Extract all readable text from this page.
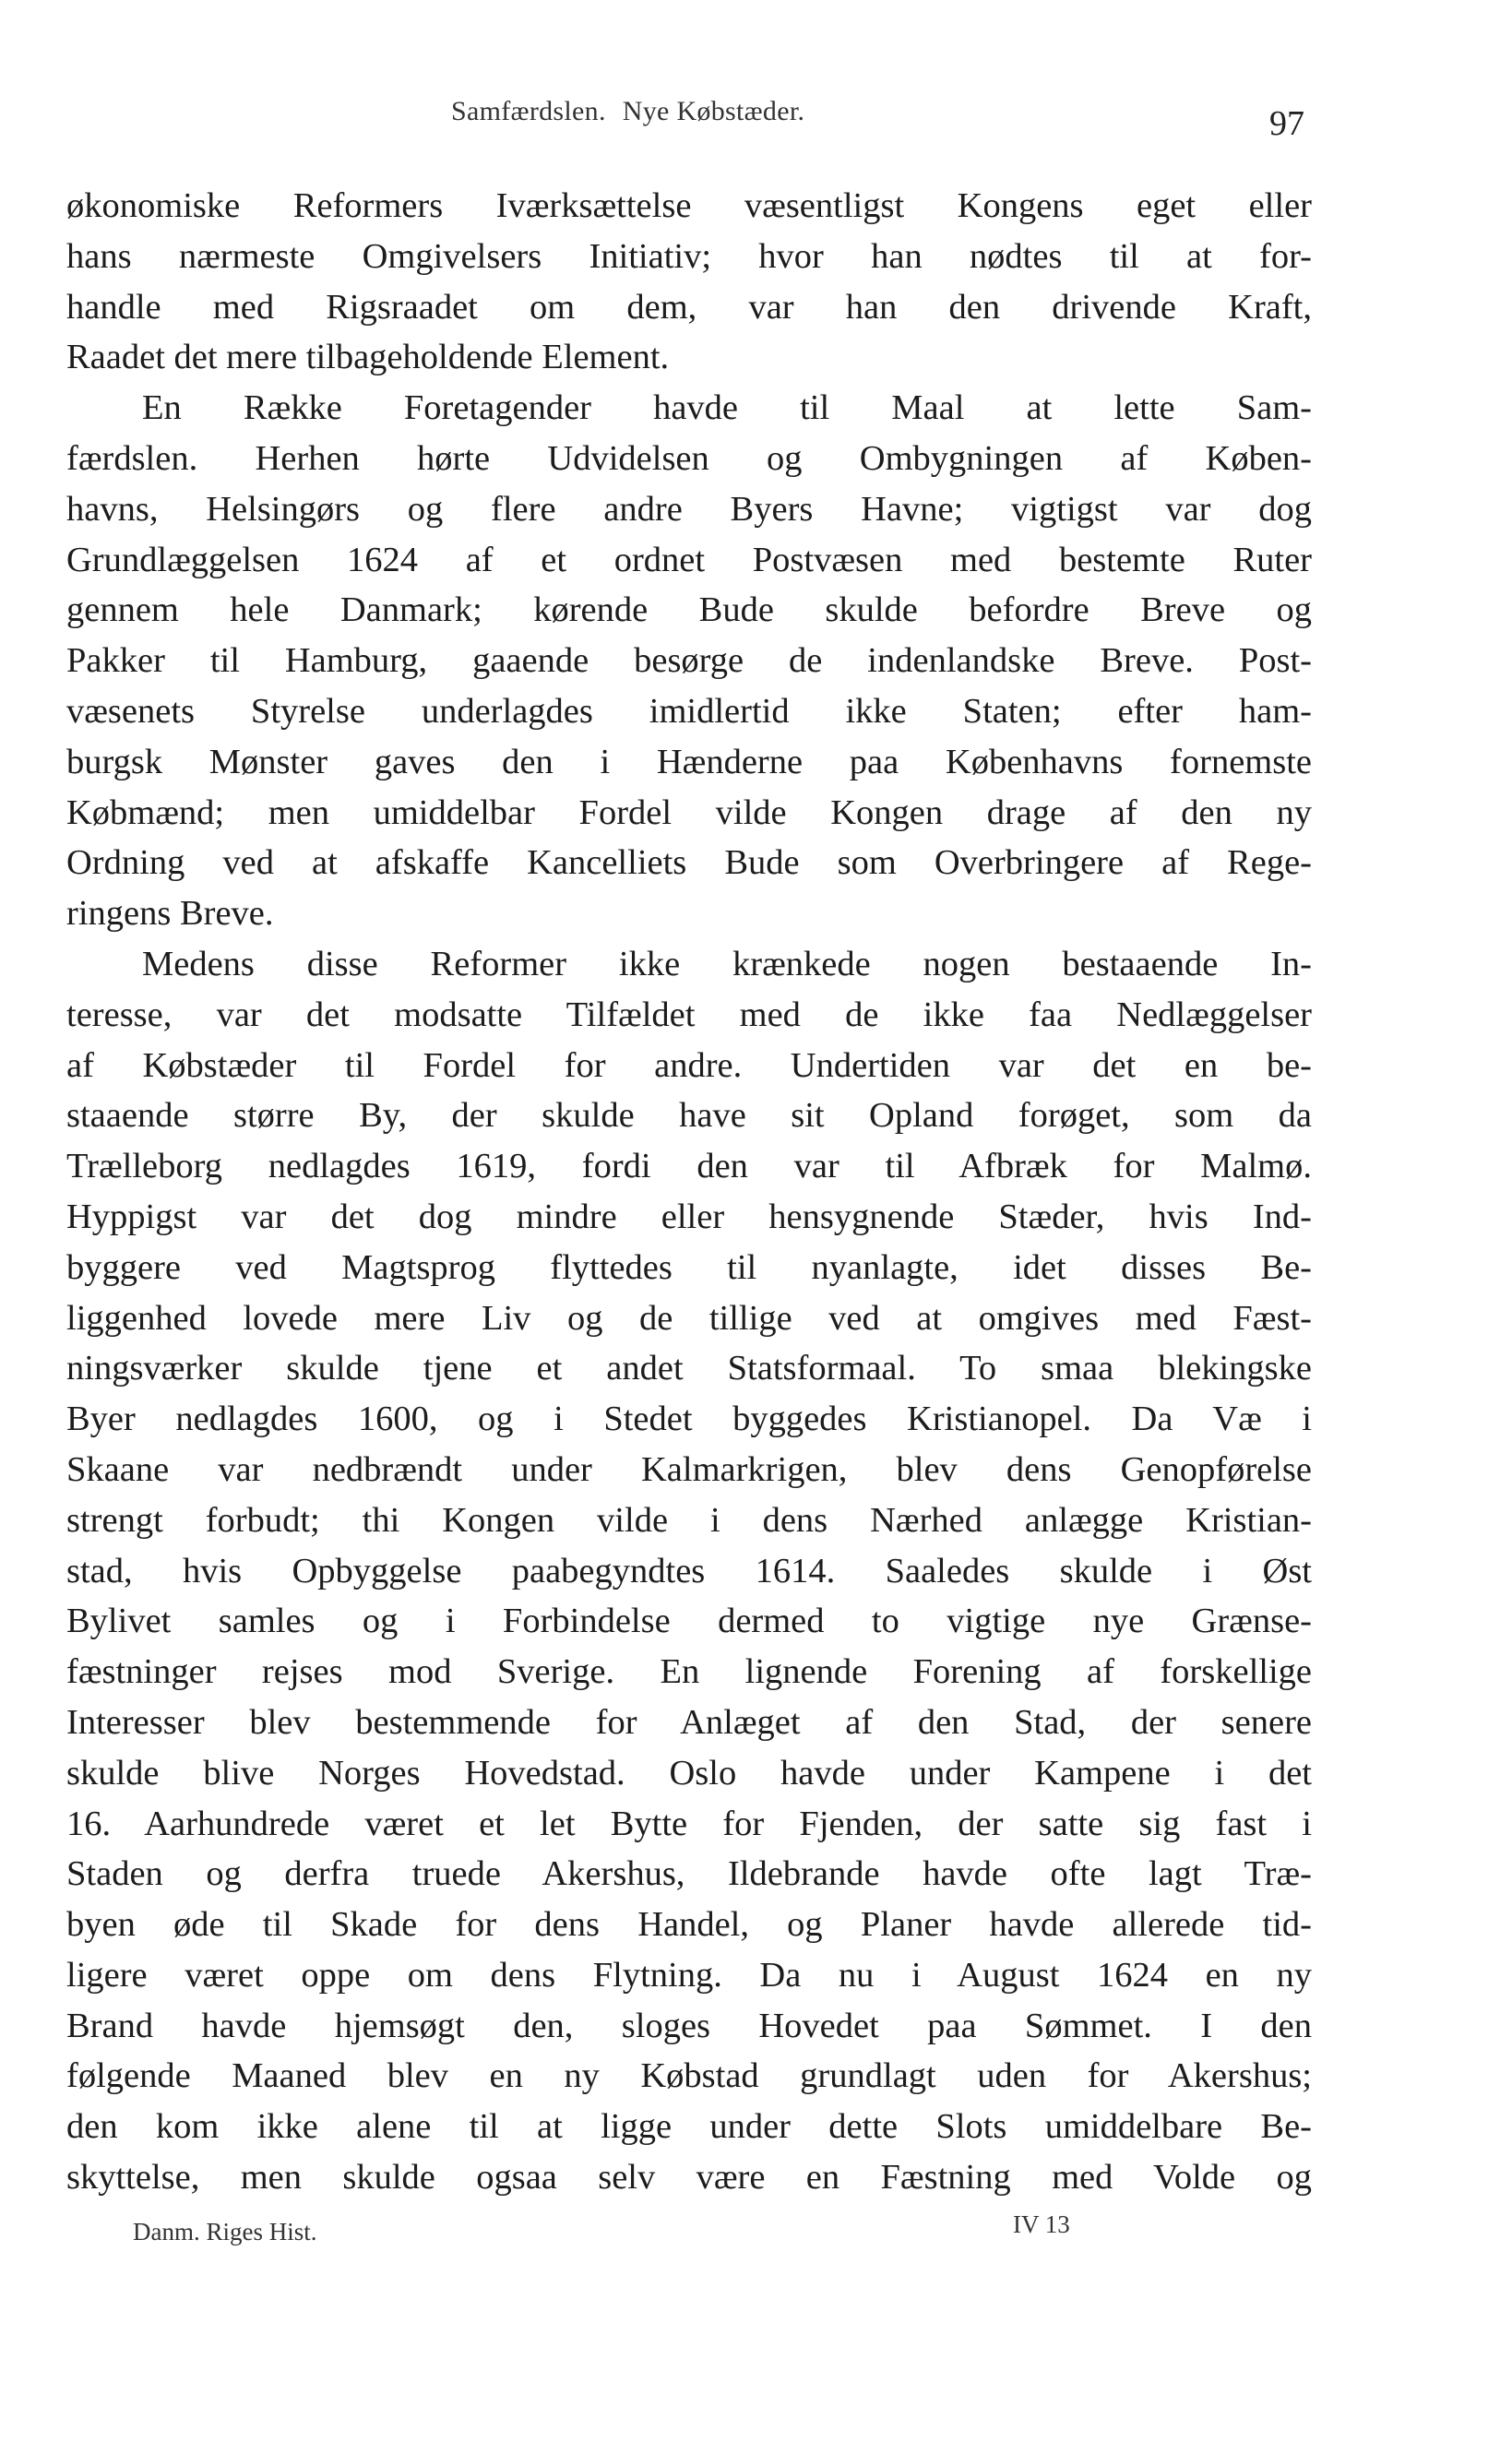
Samfærdslen. Nye Købstæder.	97
økonomiske Reformers Iværksættelse væsentligst Kongens eget eller
hans nærmeste Omgivelsers Initiativ; hvor han nødtes til at for-
handle med Rigsraadet om dem, var han den drivende Kraft,
Raadet det mere tilbageholdende Element.
En Række Foretagender havde til Maal at lette Sam-
færdslen. Herhen hørte Udvidelsen og Ombygningen af Køben-
havns, Helsingørs og flere andre Byers Havne; vigtigst var dog
Grundlæggelsen 1624 af et ordnet Postvæsen med bestemte Ruter
gennem hele Danmark; kørende Bude skulde befordre Breve og
Pakker til Hamburg, gaaende besørge de indenlandske Breve. Post-
væsenets Styrelse underlagdes imidlertid ikke Staten; efter ham-
burgsk Mønster gaves den i Hænderne paa Københavns fornemste
Købmænd; men umiddelbar Fordel vilde Kongen drage af den ny
Ordning ved at afskaffe Kancelliets Bude som Overbringere af Rege-
ringens Breve.
Medens disse Reformer ikke krænkede nogen bestaaende In-
teresse, var det modsatte Tilfældet med de ikke faa Nedlæggelser
af Købstæder til Fordel for andre. Undertiden var det en be-
staaende større By, der skulde have sit Opland forøget, som da
Trælleborg nedlagdes 1619, fordi den var til Afbræk for Malmø.
Hyppigst var det dog mindre eller hensygnende Stæder, hvis Ind-
byggere ved Magtsprog flyttedes til nyanlagte, idet disses Be-
liggenhed lovede mere Liv og de tillige ved at omgives med Fæst-
ningsværker skulde tjene et andet Statsformaal. To smaa blekingske
Byer nedlagdes 1600, og i Stedet byggedes Kristianopel. Da Væ i
Skaane var nedbrændt under Kalmarkrigen, blev dens Genopførelse
strengt forbudt; thi Kongen vilde i dens Nærhed anlægge Kristian-
stad, hvis Opbyggelse paabegyndtes 1614. Saaledes skulde i Øst
Bylivet samles og i Forbindelse dermed to vigtige nye Grænse-
fæstninger rejses mod Sverige. En lignende Forening af forskellige
Interesser blev bestemmende for Anlæget af den Stad, der senere
skulde blive Norges Hovedstad. Oslo havde under Kampene i det
16. Aarhundrede været et let Bytte for Fjenden, der satte sig fast i
Staden og derfra truede Akershus, Ildebrande havde ofte lagt Træ-
byen øde til Skade for dens Handel, og Planer havde allerede tid-
ligere været oppe om dens Flytning. Da nu i August 1624 en ny
Brand havde hjemsøgt den, sloges Hovedet paa Sømmet. I den
følgende Maaned blev en ny Købstad grundlagt uden for Akershus;
den kom ikke alene til at ligge under dette Slots umiddelbare Be-
skyttelse, men skulde ogsaa selv være en Fæstning med Volde og
Danm. Riges Hist.	IV 13
